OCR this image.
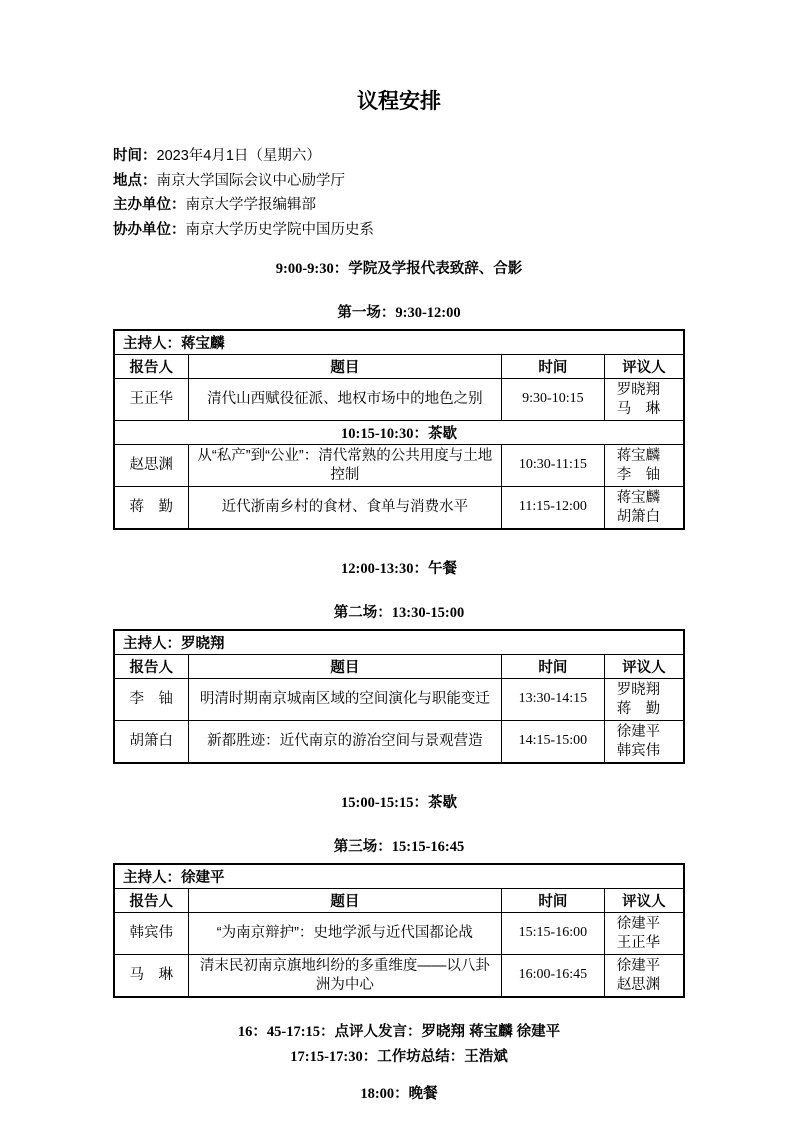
议程安排
时间：2023年4月1日（星期六）
地点：南京大学国际会议中心励学厅
主办单位：南京大学学报编辑部
协办单位：南京大学历史学院中国历史系
9:00-9:30：学院及学报代表致辞、合影
第一场：9:30-12:00
主持人：蒋宝麟			
报告人	题目	时间	评议人
王正华	清代山西赋役征派、地权市场中的地色之别	9:30-10:15	罗晓翔
马　琳

10:15-10:30：茶歇			
赵思渊	从“私产”到“公业”：清代常熟的公共用度与土地控制	10:30-11:15	蒋宝麟
李　铀

蒋　勤	近代浙南乡村的食材、食单与消费水平	11:15-12:00	蒋宝麟
胡箫白
12:00-13:30：午餐
第二场：13:30-15:00
主持人：罗晓翔			
报告人	题目	时间	评议人
李　铀	明清时期南京城南区域的空间演化与职能变迁	13:30-14:15	罗晓翔
蒋　勤

胡箫白	新都胜迹：近代南京的游冶空间与景观营造	14:15-15:00	徐建平
韩宾伟
15:00-15:15：茶歇
第三场：15:15-16:45
主持人：徐建平			
报告人	题目	时间	评议人
韩宾伟	“为南京辩护”：史地学派与近代国都论战	15:15-16:00	徐建平
王正华

马　琳	清末民初南京旗地纠纷的多重维度——以八卦洲为中心	16:00-16:45	徐建平
赵思渊
16：45-17:15：点评人发言：罗晓翔 蒋宝麟 徐建平
17:15-17:30：工作坊总结：王浩斌
18:00：晚餐
